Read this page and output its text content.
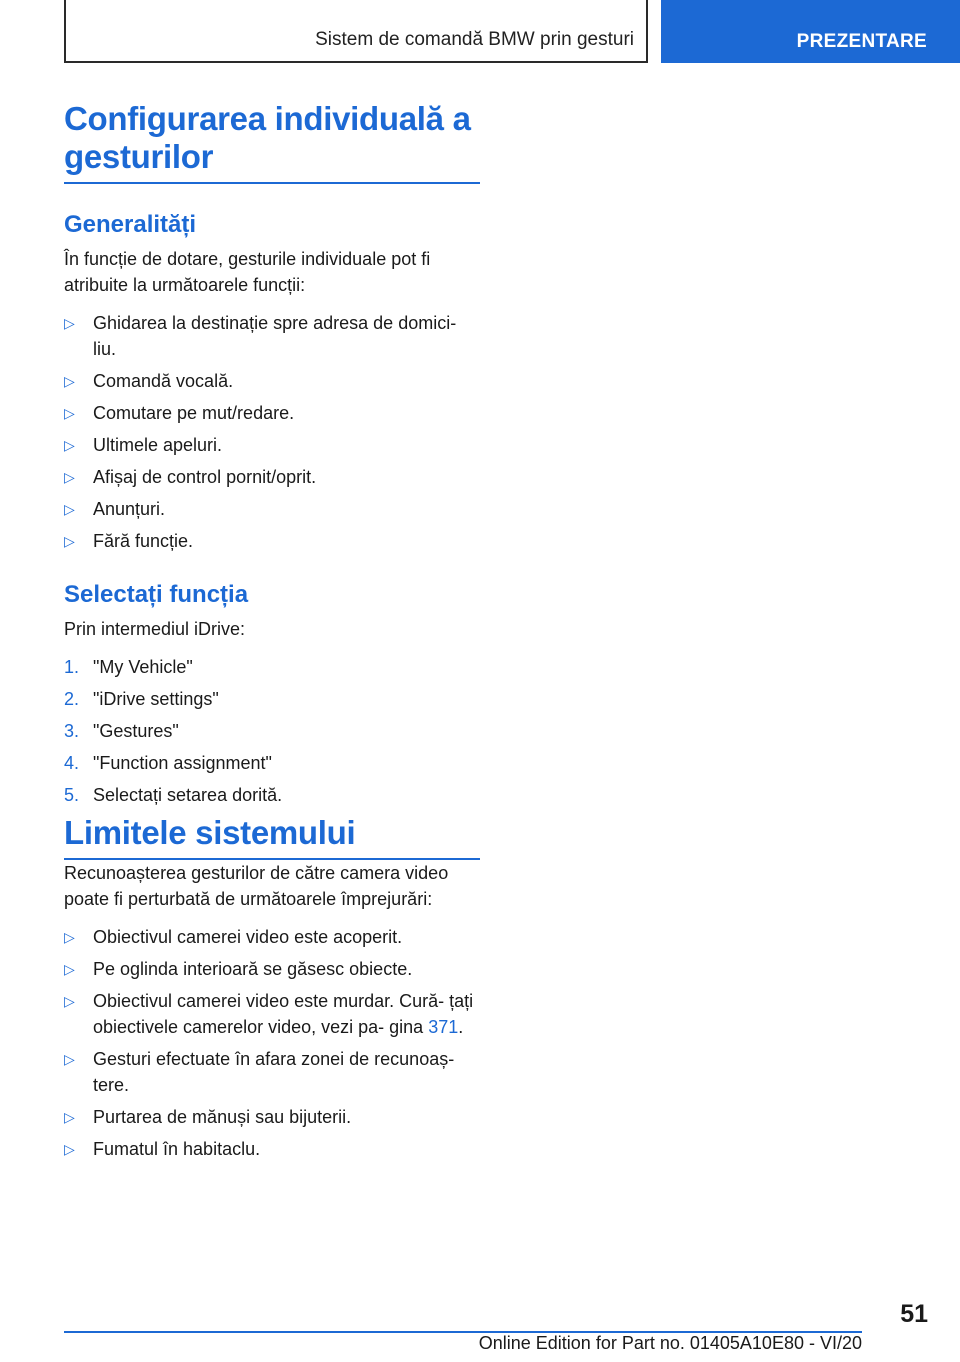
Sistem de comandă BMW prin gesturi	PREZENTARE
Configurarea individuală a gesturilor
Generalități

În funcție de dotare, gesturile individuale pot fi atribuite la următoarele funcții:

▷ Ghidarea la destinație spre adresa de domici‐ liu.
▷ Comandă vocală.
▷ Comutare pe mut/redare.
▷ Ultimele apeluri.
▷ Afișaj de control pornit/oprit.
▷ Anunțuri.
▷ Fără funcție.
Selectați funcția

Prin intermediul iDrive:

1. "My Vehicle"
2. "iDrive settings"
3. "Gestures"
4. "Function assignment"
5. Selectați setarea dorită.
Limitele sistemului

Recunoașterea gesturilor de către camera video poate fi perturbată de următoarele împrejurări:

▷ Obiectivul camerei video este acoperit.
▷ Pe oglinda interioară se găsesc obiecte.
▷ Obiectivul camerei video este murdar. Cură‐ țați obiectivele camerelor video, vezi pa‐ gina 371.
▷ Gesturi efectuate în afara zonei de recunoaș‐ tere.
▷ Purtarea de mănuși sau bijuterii.
▷ Fumatul în habitaclu.
51
Online Edition for Part no. 01405A10E80 - VI/20
